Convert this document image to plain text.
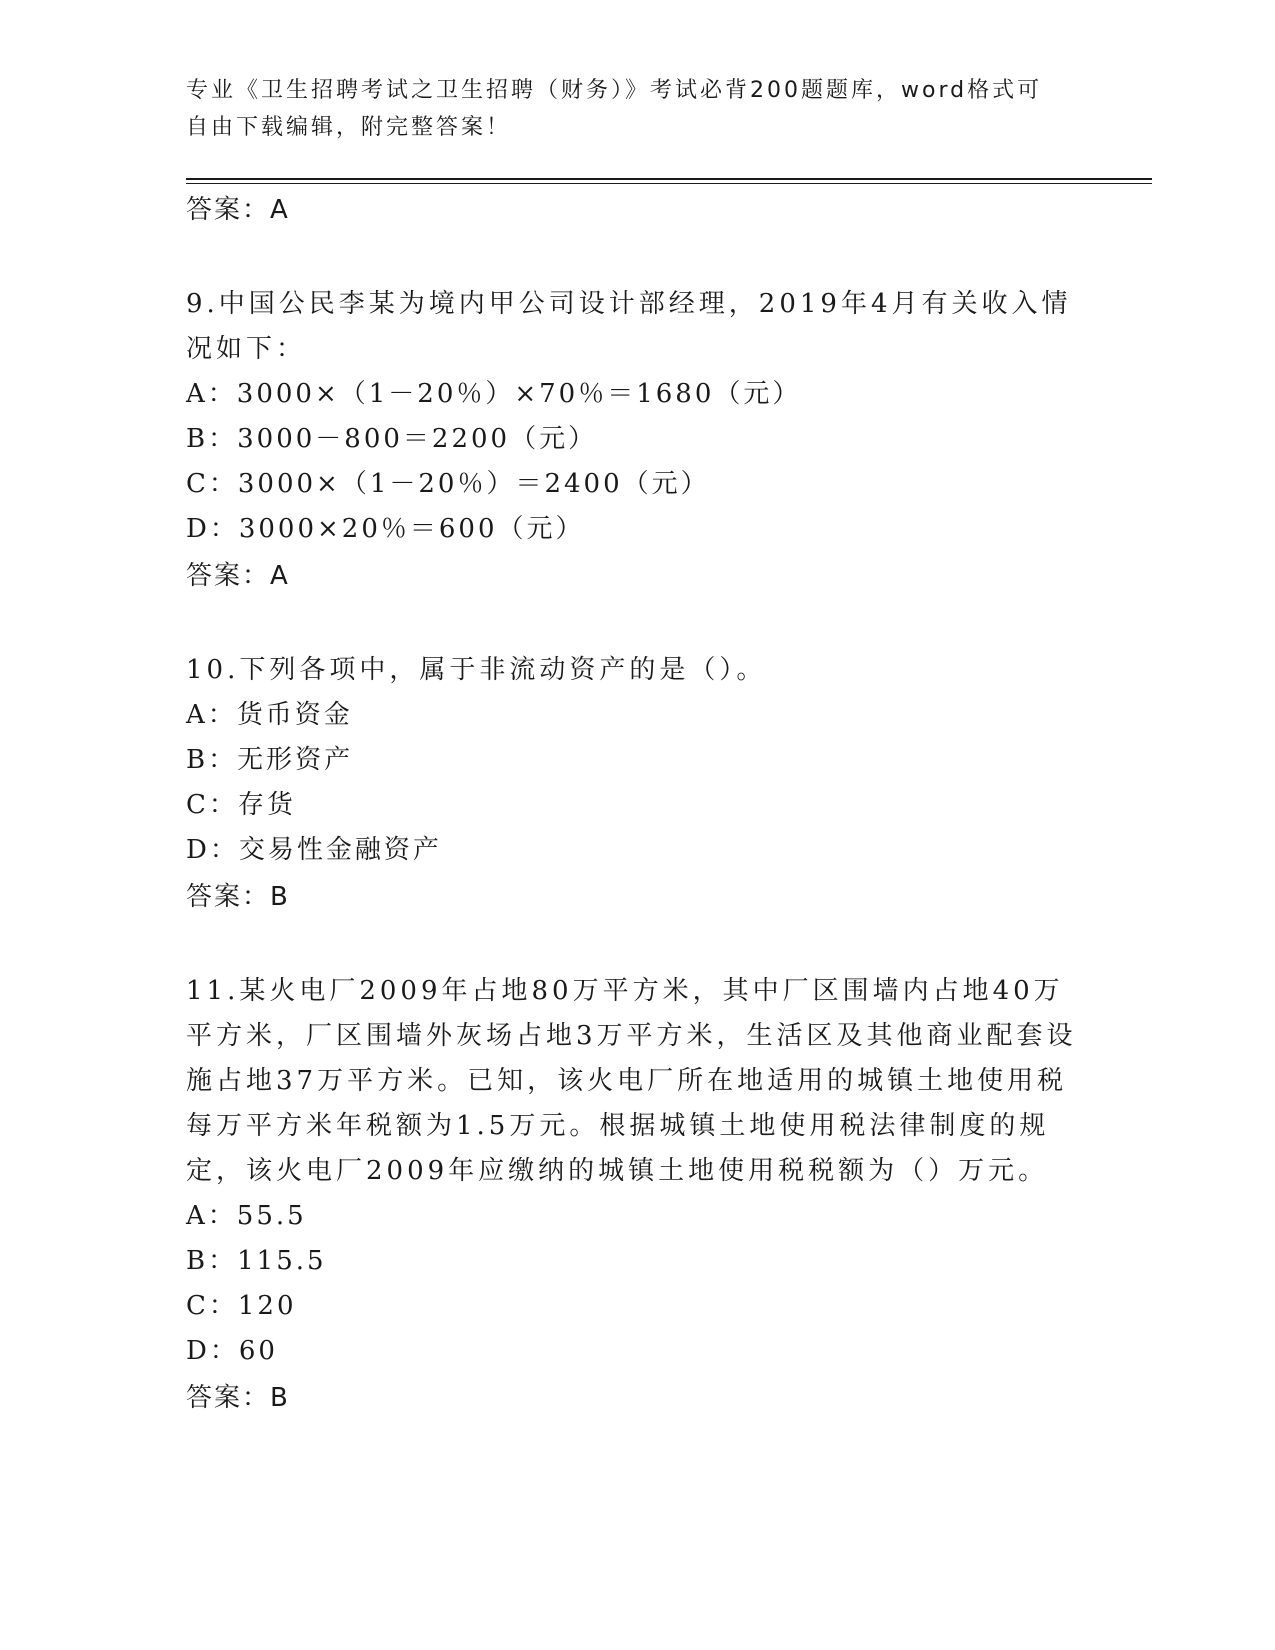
专业《卫生招聘考试之卫生招聘（财务）》考试必背200题题库，word格式可自由下载编辑，附完整答案！

答案：A

9.中国公民李某为境内甲公司设计部经理，2019年4月有关收入情况如下：

A：3000×（1－20％）×70％＝1680（元）

B：3000－800＝2200（元）

C：3000×（1－20％）＝2400（元）

D：3000×20％＝600（元）

答案：A

10.下列各项中，属于非流动资产的是（）。

A：货币资金

B：无形资产

C：存货

D：交易性金融资产

答案：B

11.某火电厂2009年占地80万平方米，其中厂区围墙内占地40万平方米，厂区围墙外灰场占地3万平方米，生活区及其他商业配套设施占地37万平方米。已知，该火电厂所在地适用的城镇土地使用税每万平方米年税额为1.5万元。根据城镇土地使用税法律制度的规定，该火电厂2009年应缴纳的城镇土地使用税税额为（）万元。

A：55.5

B：115.5

C：120

D：60

答案：B
